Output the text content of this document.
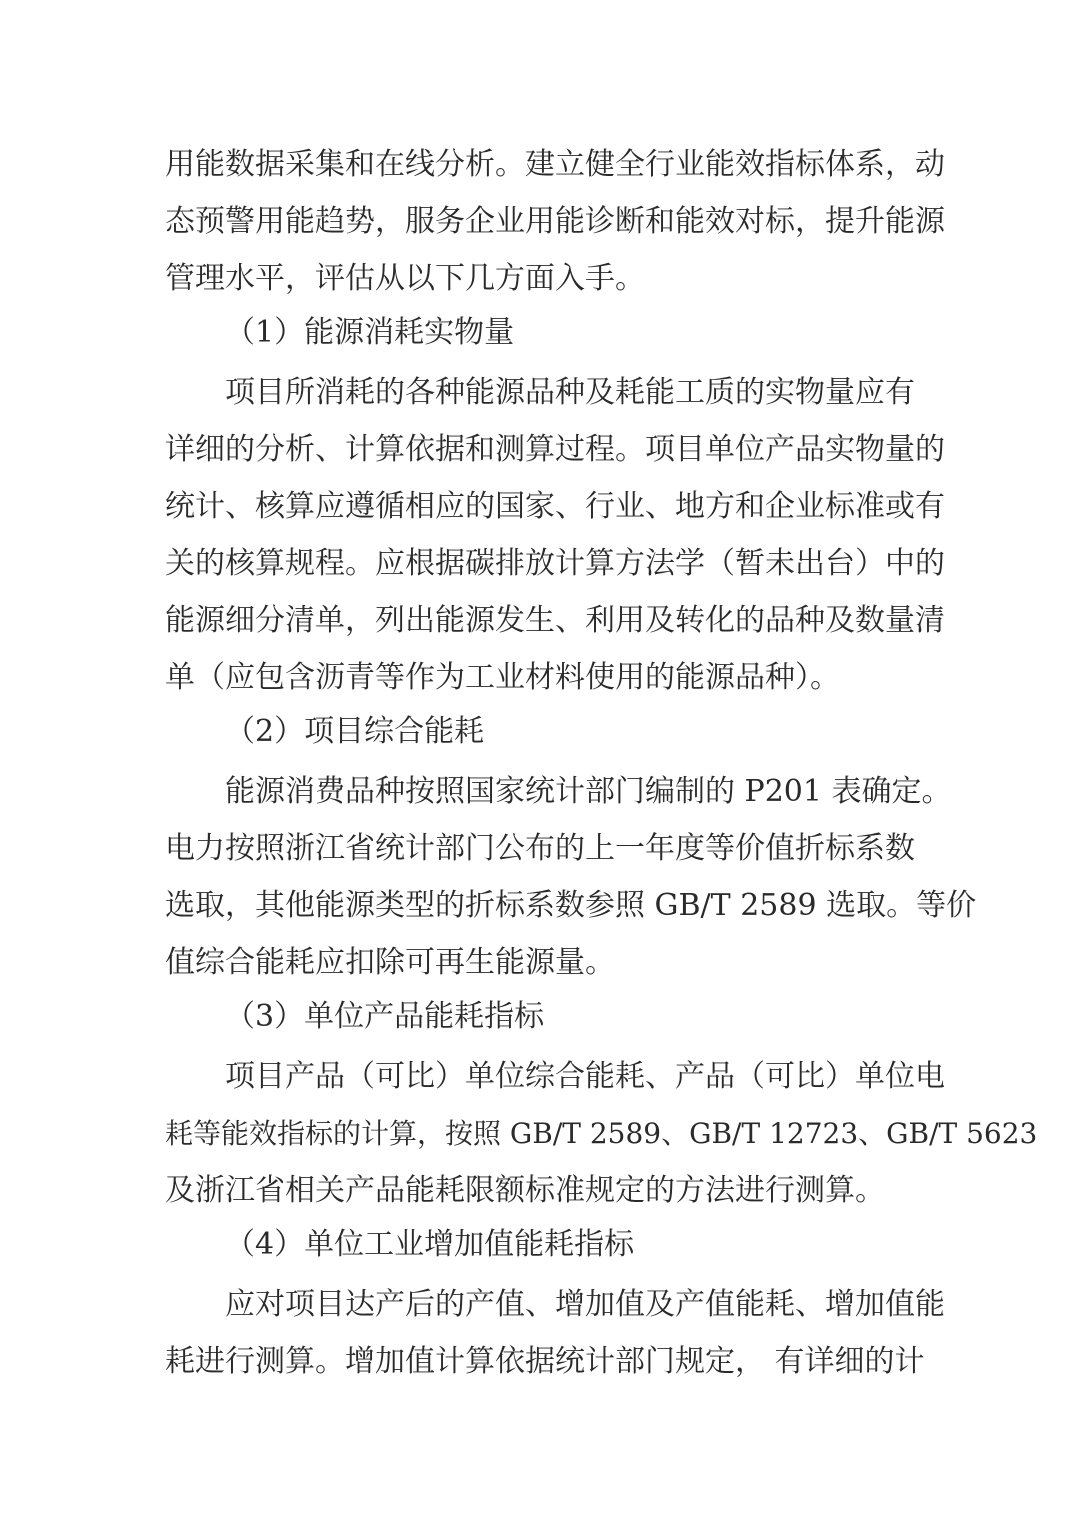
用能数据采集和在线分析。建立健全行业能效指标体系，动
态预警用能趋势，服务企业用能诊断和能效对标，提升能源
管理水平，评估从以下几方面入手。
（1）能源消耗实物量
项目所消耗的各种能源品种及耗能工质的实物量应有
详细的分析、计算依据和测算过程。项目单位产品实物量的
统计、核算应遵循相应的国家、行业、地方和企业标准或有
关的核算规程。应根据碳排放计算方法学（暂未出台）中的
能源细分清单，列出能源发生、利用及转化的品种及数量清
单（应包含沥青等作为工业材料使用的能源品种）。
（2）项目综合能耗
能源消费品种按照国家统计部门编制的 P201 表确定。
电力按照浙江省统计部门公布的上一年度等价值折标系数
选取，其他能源类型的折标系数参照 GB/T 2589 选取。等价
值综合能耗应扣除可再生能源量。
（3）单位产品能耗指标
项目产品（可比）单位综合能耗、产品（可比）单位电
耗等能效指标的计算，按照 GB/T 2589、GB/T 12723、GB/T 5623
及浙江省相关产品能耗限额标准规定的方法进行测算。
（4）单位工业增加值能耗指标
应对项目达产后的产值、增加值及产值能耗、增加值能
耗进行测算。增加值计算依据统计部门规定， 有详细的计
